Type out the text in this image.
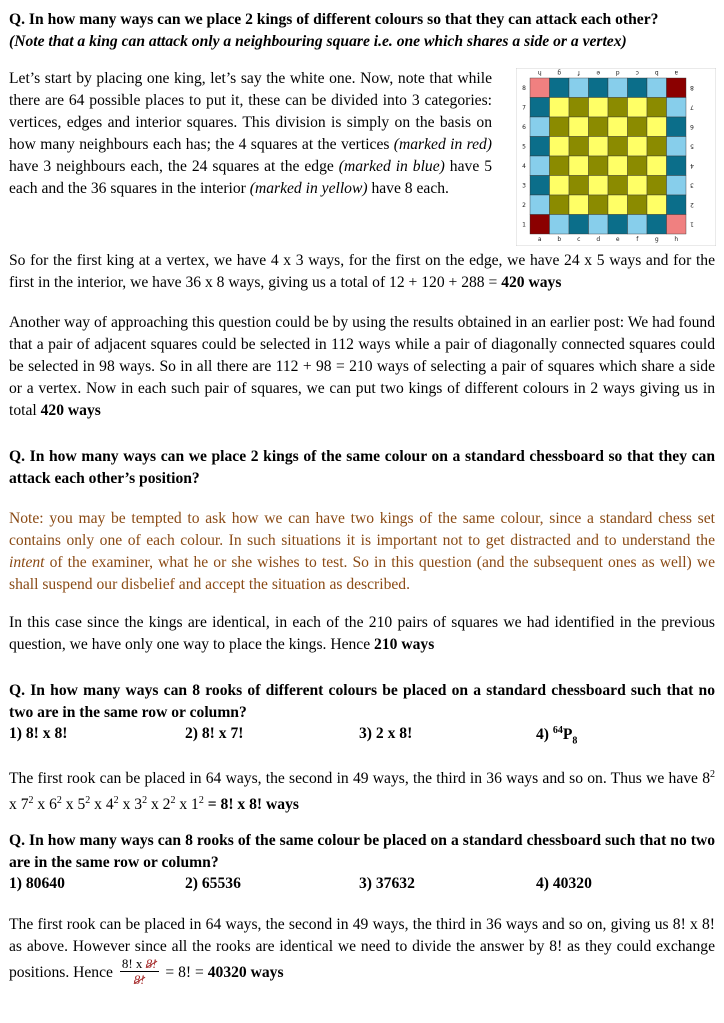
Q. In how many ways can we place 2 kings of different colours so that they can attack each other?
(Note that a king can attack only a neighbouring square i.e. one which shares a side or a vertex)
Let’s start by placing one king, let’s say the white one. Now, note that while there are 64 possible places to put it, these can be divided into 3 categories: vertices, edges and interior squares. This division is simply on the basis on how many neighbours each has; the 4 squares at the vertices (marked in red) have 3 neighbours each, the 24 squares at the edge (marked in blue) have 5 each and the 36 squares in the interior (marked in yellow) have 8 each.
a
a
b
b
c
c
d
d
e
e
f
f
g
g
h
h
1
8
2
7
3
6
4
5
5
4
6
3
7
2
8
1
So for the first king at a vertex, we have 4 x 3 ways, for the first on the edge, we have 24 x 5 ways and for the first in the interior, we have 36 x 8 ways, giving us a total of 12 + 120 + 288 = 420 ways
Another way of approaching this question could be by using the results obtained in an earlier post: We had found that a pair of adjacent squares could be selected in 112 ways while a pair of diagonally connected squares could be selected in 98 ways. So in all there are 112 + 98 = 210 ways of selecting a pair of squares which share a side or a vertex. Now in each such pair of squares, we can put two kings of different colours in 2 ways giving us in total 420 ways
Q. In how many ways can we place 2 kings of the same colour on a standard chessboard so that they can attack each other’s position?
Note: you may be tempted to ask how we can have two kings of the same colour, since a standard chess set contains only one of each colour. In such situations it is important not to get distracted and to understand the intent of the examiner, what he or she wishes to test. So in this question (and the subsequent ones as well) we shall suspend our disbelief and accept the situation as described.
In this case since the kings are identical, in each of the 210 pairs of squares we had identified in the previous question, we have only one way to place the kings. Hence 210 ways
Q. In how many ways can 8 rooks of different colours be placed on a standard chessboard such that no two are in the same row or column?
1) 8! x 8!	2) 8! x 7!	3) 2 x 8!	4) $^{64}P_8$
The first rook can be placed in 64 ways, the second in 49 ways, the third in 36 ways and so on. Thus we have $8^2$ x $7^2$ x $6^2$ x $5^2$ x $4^2$ x $3^2$ x $2^2$ x $1^2 = 8$! x 8! ways
Q. In how many ways can 8 rooks of the same colour be placed on a standard chessboard such that no two are in the same row or column?
1) 80640	2) 65536	3) 37632	4) 40320
The first rook can be placed in 64 ways, the second in 49 ways, the third in 36 ways and so on, giving us 8! x 8! as above. However since all the rooks are identical we need to divide the answer by 8! as they could exchange positions. Hence $\frac{8! x 8!}{8!} = 8$! = 40320 ways
